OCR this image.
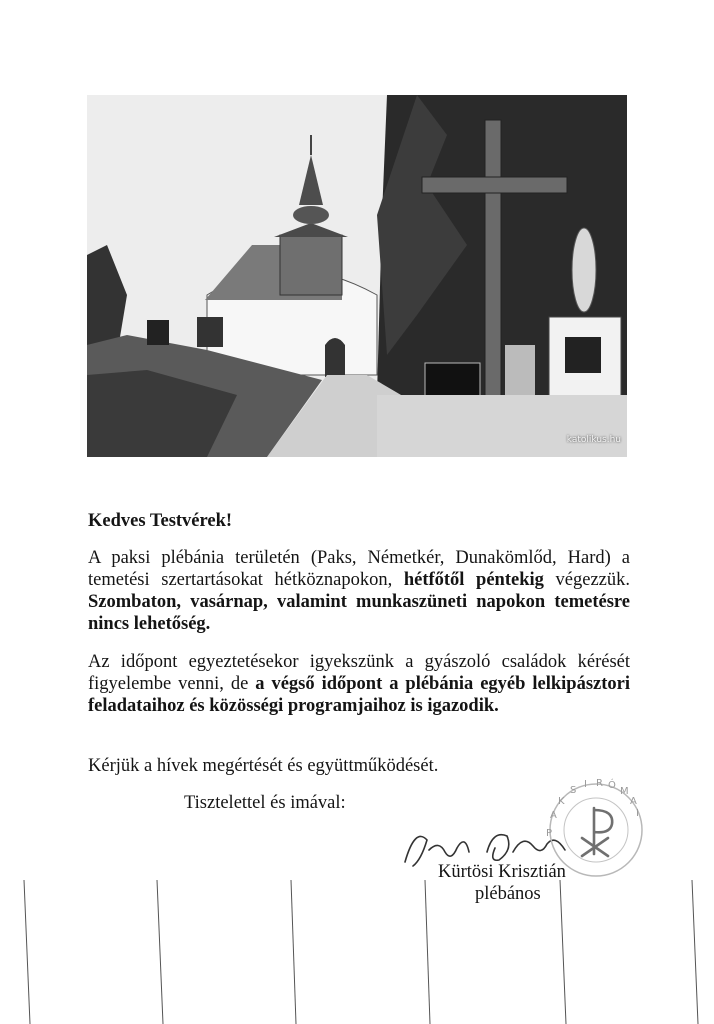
katolikus.hu
Kedves Testvérek!

A paksi plébánia területén (Paks, Németkér, Dunakömlőd, Hard) a temetési szertartásokat hétköznapokon, hétfőtől péntekig végezzük. Szombaton, vasárnap, valamint munkaszüneti napokon temetésre nincs lehetőség.

Az időpont egyeztetésekor igyekszünk a gyászoló családok kérését figyelembe venni, de a végső időpont a plébánia egyéb lelkipásztori feladataihoz és közösségi programjaihoz is igazodik.

Kérjük a hívek megértését és együttműködését.

Tisztelettel és imával:
P
A
K
S
I R Ó
M
A
I
Kürtösi Krisztián
plébános
